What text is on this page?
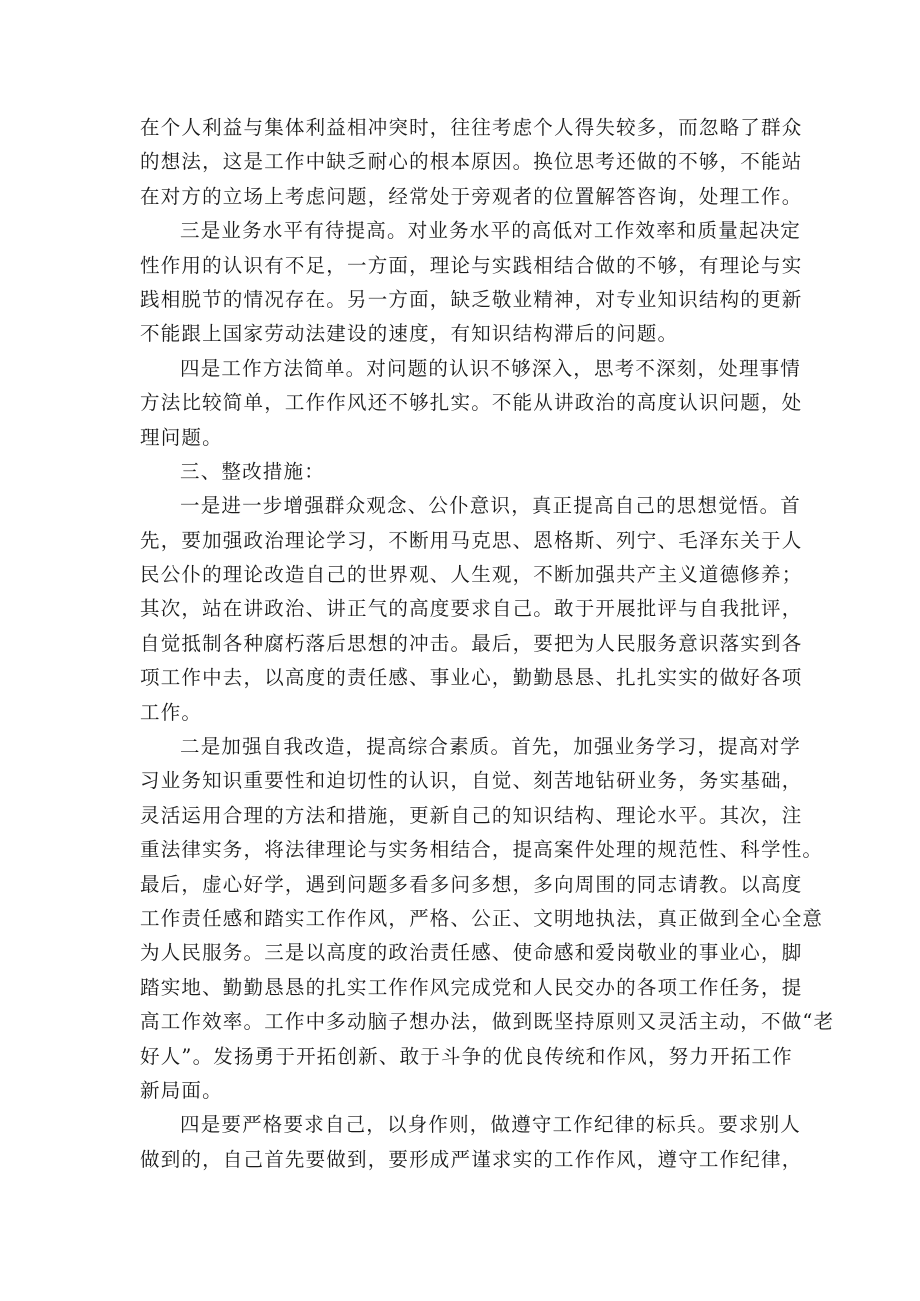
在个人利益与集体利益相冲突时，往往考虑个人得失较多，而忽略了群众
的想法，这是工作中缺乏耐心的根本原因。换位思考还做的不够，不能站
在对方的立场上考虑问题，经常处于旁观者的位置解答咨询，处理工作。
三是业务水平有待提高。对业务水平的高低对工作效率和质量起决定
性作用的认识有不足，一方面，理论与实践相结合做的不够，有理论与实
践相脱节的情况存在。另一方面，缺乏敬业精神，对专业知识结构的更新
不能跟上国家劳动法建设的速度，有知识结构滞后的问题。
四是工作方法简单。对问题的认识不够深入，思考不深刻，处理事情
方法比较简单，工作作风还不够扎实。不能从讲政治的高度认识问题，处
理问题。
三、整改措施：
一是进一步增强群众观念、公仆意识，真正提高自己的思想觉悟。首
先，要加强政治理论学习，不断用马克思、恩格斯、列宁、毛泽东关于人
民公仆的理论改造自己的世界观、人生观，不断加强共产主义道德修养；
其次，站在讲政治、讲正气的高度要求自己。敢于开展批评与自我批评，
自觉抵制各种腐朽落后思想的冲击。最后，要把为人民服务意识落实到各
项工作中去，以高度的责任感、事业心，勤勤恳恳、扎扎实实的做好各项
工作。
二是加强自我改造，提高综合素质。首先，加强业务学习，提高对学
习业务知识重要性和迫切性的认识，自觉、刻苦地钻研业务，务实基础，
灵活运用合理的方法和措施，更新自己的知识结构、理论水平。其次，注
重法律实务，将法律理论与实务相结合，提高案件处理的规范性、科学性。
最后，虚心好学，遇到问题多看多问多想，多向周围的同志请教。以高度
工作责任感和踏实工作作风，严格、公正、文明地执法，真正做到全心全意
为人民服务。三是以高度的政治责任感、使命感和爱岗敬业的事业心，脚
踏实地、勤勤恳恳的扎实工作作风完成党和人民交办的各项工作任务，提
高工作效率。工作中多动脑子想办法，做到既坚持原则又灵活主动，不做“老
好人”。发扬勇于开拓创新、敢于斗争的优良传统和作风，努力开拓工作
新局面。
四是要严格要求自己，以身作则，做遵守工作纪律的标兵。要求别人
做到的，自己首先要做到，要形成严谨求实的工作作风，遵守工作纪律，
